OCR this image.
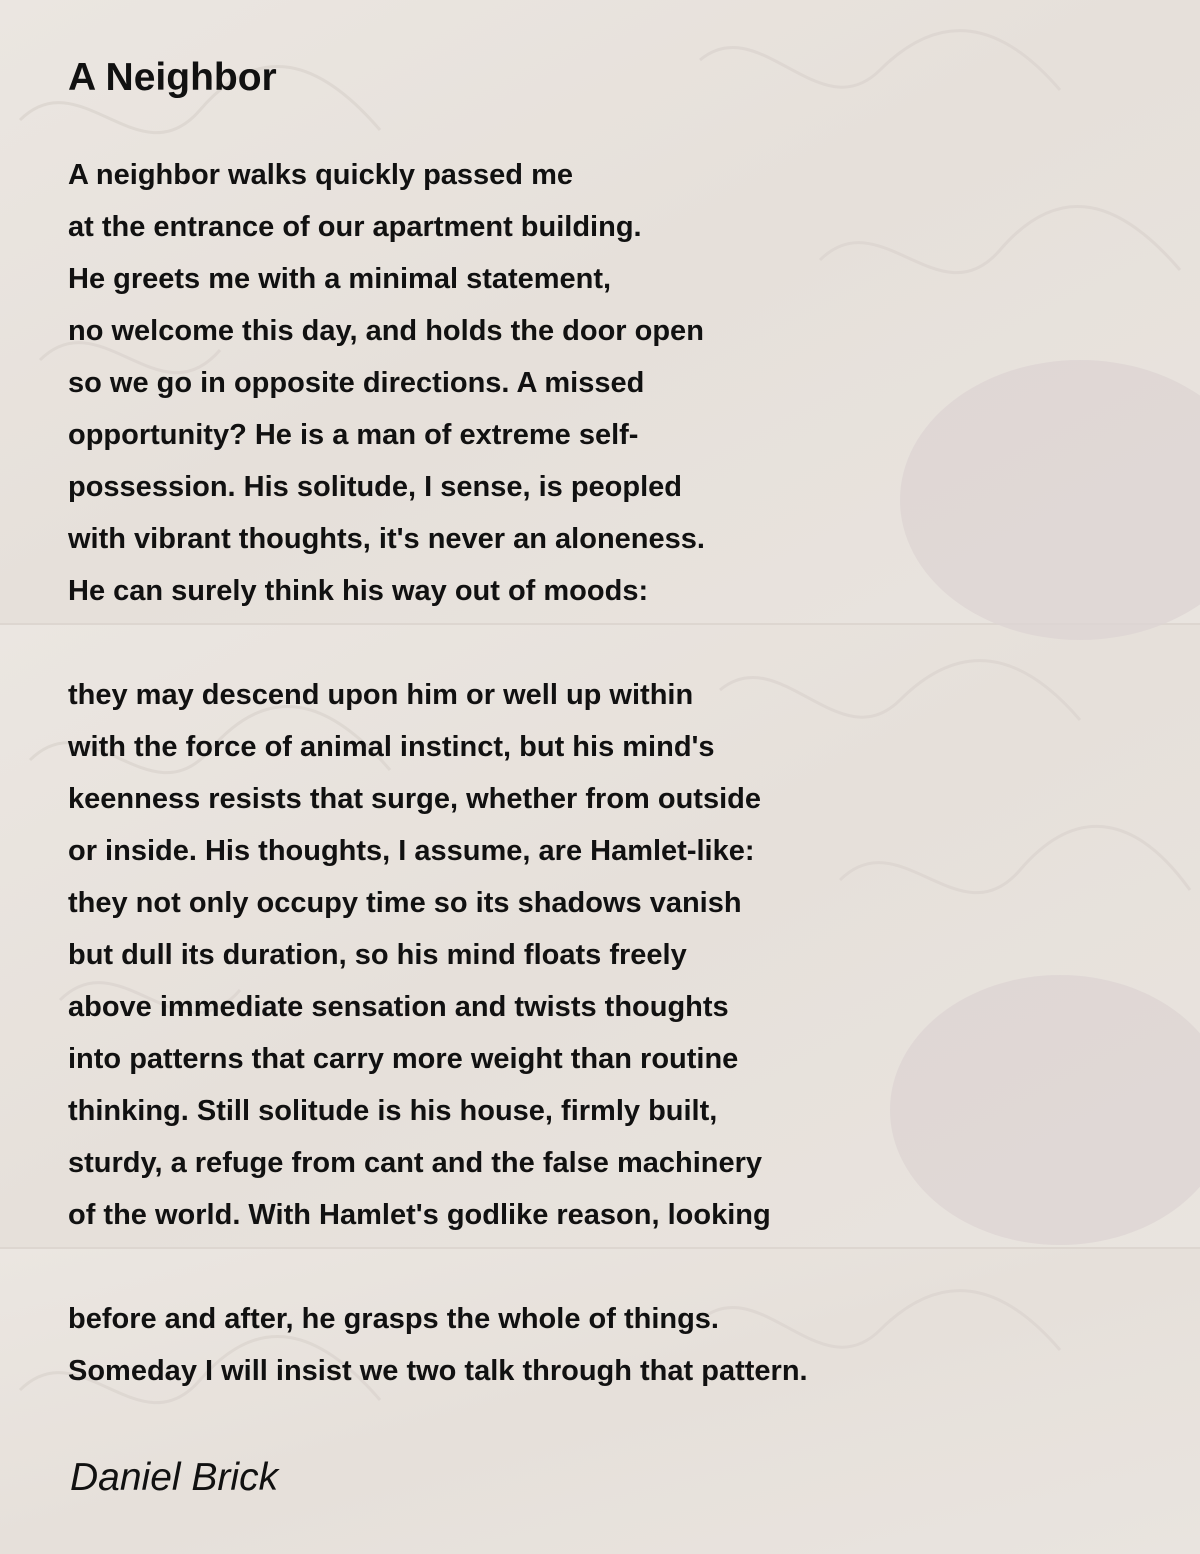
A Neighbor
A neighbor walks quickly passed me
at the entrance of our apartment building.
He greets me with a minimal statement,
no welcome this day, and holds the door open
so we go in opposite directions. A missed
opportunity? He is a man of extreme self-
possession. His solitude, I sense, is peopled
with vibrant thoughts, it's never an aloneness.
He can surely think his way out of moods:
they may descend upon him or well up within
with the force of animal instinct, but his mind's
keenness resists that surge, whether from outside
or inside. His thoughts, I assume, are Hamlet-like:
they not only occupy time so its shadows vanish
but dull its duration, so his mind floats freely
above immediate sensation and twists thoughts
into patterns that carry more weight than routine
thinking. Still solitude is his house, firmly built,
sturdy, a refuge from cant and the false machinery
of the world. With Hamlet's godlike reason, looking
before and after, he grasps the whole of things.
Someday I will insist we two talk through that pattern.
Daniel Brick
